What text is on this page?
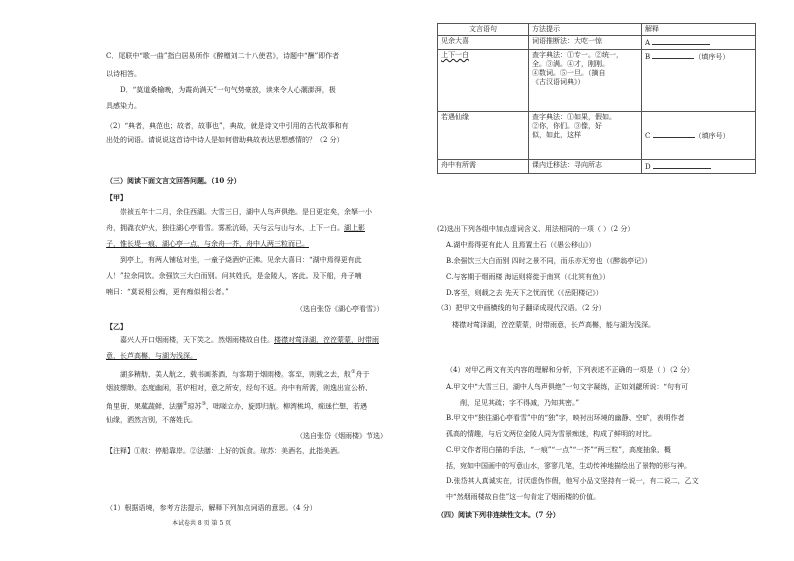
C．尾联中“歌一曲”指白居易所作《醉赠刘二十八使君》，诗题中“酬”即作者
以诗相答。
D．“莫道桑榆晚，为霞尚满天”一句气势豪放，读来令人心潮澎湃，极
具感染力。
（2）“典者，典范也；故者，故事也”，典故，就是诗文中引用的古代故事和有
出处的词语。请说说这首诗中诗人是如何借助典故表达思想感情的？（2 分）
（三）阅读下面文言文回答问题。（10 分）
【甲】
崇祯五年十二月，余住西湖。大雪三日，湖中人鸟声俱绝。是日更定矣，余拏一小
舟，拥毳衣炉火，独往湖心亭看雪。雾凇沆砀，天与云与山与水，上下一白。湖上影
子，惟长堤一痕、湖心亭一点，与余舟一芥，舟中人两三粒而已。
到亭上，有两人铺毡对坐，一童子烧酒炉正沸。见余大喜曰：“湖中焉得更有此
人！”拉余同饮。余强饮三大白而别。问其姓氏，是金陵人，客此。及下船，舟子喃
喃曰：“莫说相公痴，更有痴似相公者。”
（选自张岱《湖心亭看雪》）
【乙】
嘉兴人开口烟雨楼，天下笑之。然烟雨楼故自佳。楼襟对莺泽湖，涳涳蒙蒙，时带雨
意，长芦高槲，与湖为浅深。
湖多精舫，美人航之，载书画茶酒，与客期于烟雨楼。客至，则载之去，舣①舟于
烟波缥缈。态度幽闲，茗炉相对，意之所安，经旬不返。舟中有所需，则逸出宣公桥、
角里街，果蓏蔬鲜，法膳②琼苏③，咄嗟立办，旋即归航。柳湾桃坞，痴迷伫想，若遇
仙缘，洒然言别，不落姓氏。
（选自张岱《烟雨楼》节选）
【注释】①舣：停船靠岸。②法膳：上好的饭食。琼苏：美酒名，此指美酒。
（1）根据语境，参考方法提示，解释下列加点词语的意思。（4 分）
本试卷共 8 页 第 5 页
文言语句	方法提示	解释
见余大喜	词语推断法：大吃一惊	A
上下一白	查字典法：①专一。②统一，
全。③满。④才，刚刚。
④数词。⑤一旦。（摘自
《古汉语词典》）	B （填序号）
若遇仙缘	查字典法：①如果，假如。
②你，你们。③像，好
似，如此，这样	C （填序号）
舟中有所需	课内迁移法：寻向所志	D
(2)选出下列各组中加点虚词含义、用法相同的一项（ ）（2 分）
A.湖中焉得更有此人 且焉置土石（《愚公移山》）
B.余强饮三大白而别 四时之景不同，而乐亦无穷也（《醉翁亭记》）
C.与客期于烟雨楼 海运则将徙于南冥（《北冥有鱼》）
D.客至，则载之去 先天下之忧而忧（《岳阳楼记》）
（3）把甲文中画横线的句子翻译成现代汉语。（2 分）
楼襟对莺泽湖，涳涳蒙蒙，时带雨意，长芦高槲，能与湖为浅深。
（4）对甲乙两文有关内容的理解和分析，下列表述不正确的一项是（ ）（2 分）
A.甲文中“大雪三日，湖中人鸟声俱绝”一句文字凝练，正如刘勰所说：“句有可
削，足见其疏；字不得减，乃知其密。”
B.甲文中“独往湖心亭看雪”中的“独”字，映衬出环境的幽静、空旷，表明作者
孤高的情趣，与后文两位金陵人同为雪景痴迷，构成了鲜明的对比。
C.甲文作者用白描的手法，“一痕”“一点”“一芥”“两三粒”，高度抽象、概
括，宛如中国画中的写意山水，寥寥几笔，生动传神地描绘出了景物的形与神。
D.张岱其人真诚实在，讨厌虚伪作假，他写小品文坚持有一说一，有二说二，乙文
中“然烟雨楼故自佳”这一句肯定了烟雨楼的价值。
（四）阅读下列非连续性文本。（7 分）
